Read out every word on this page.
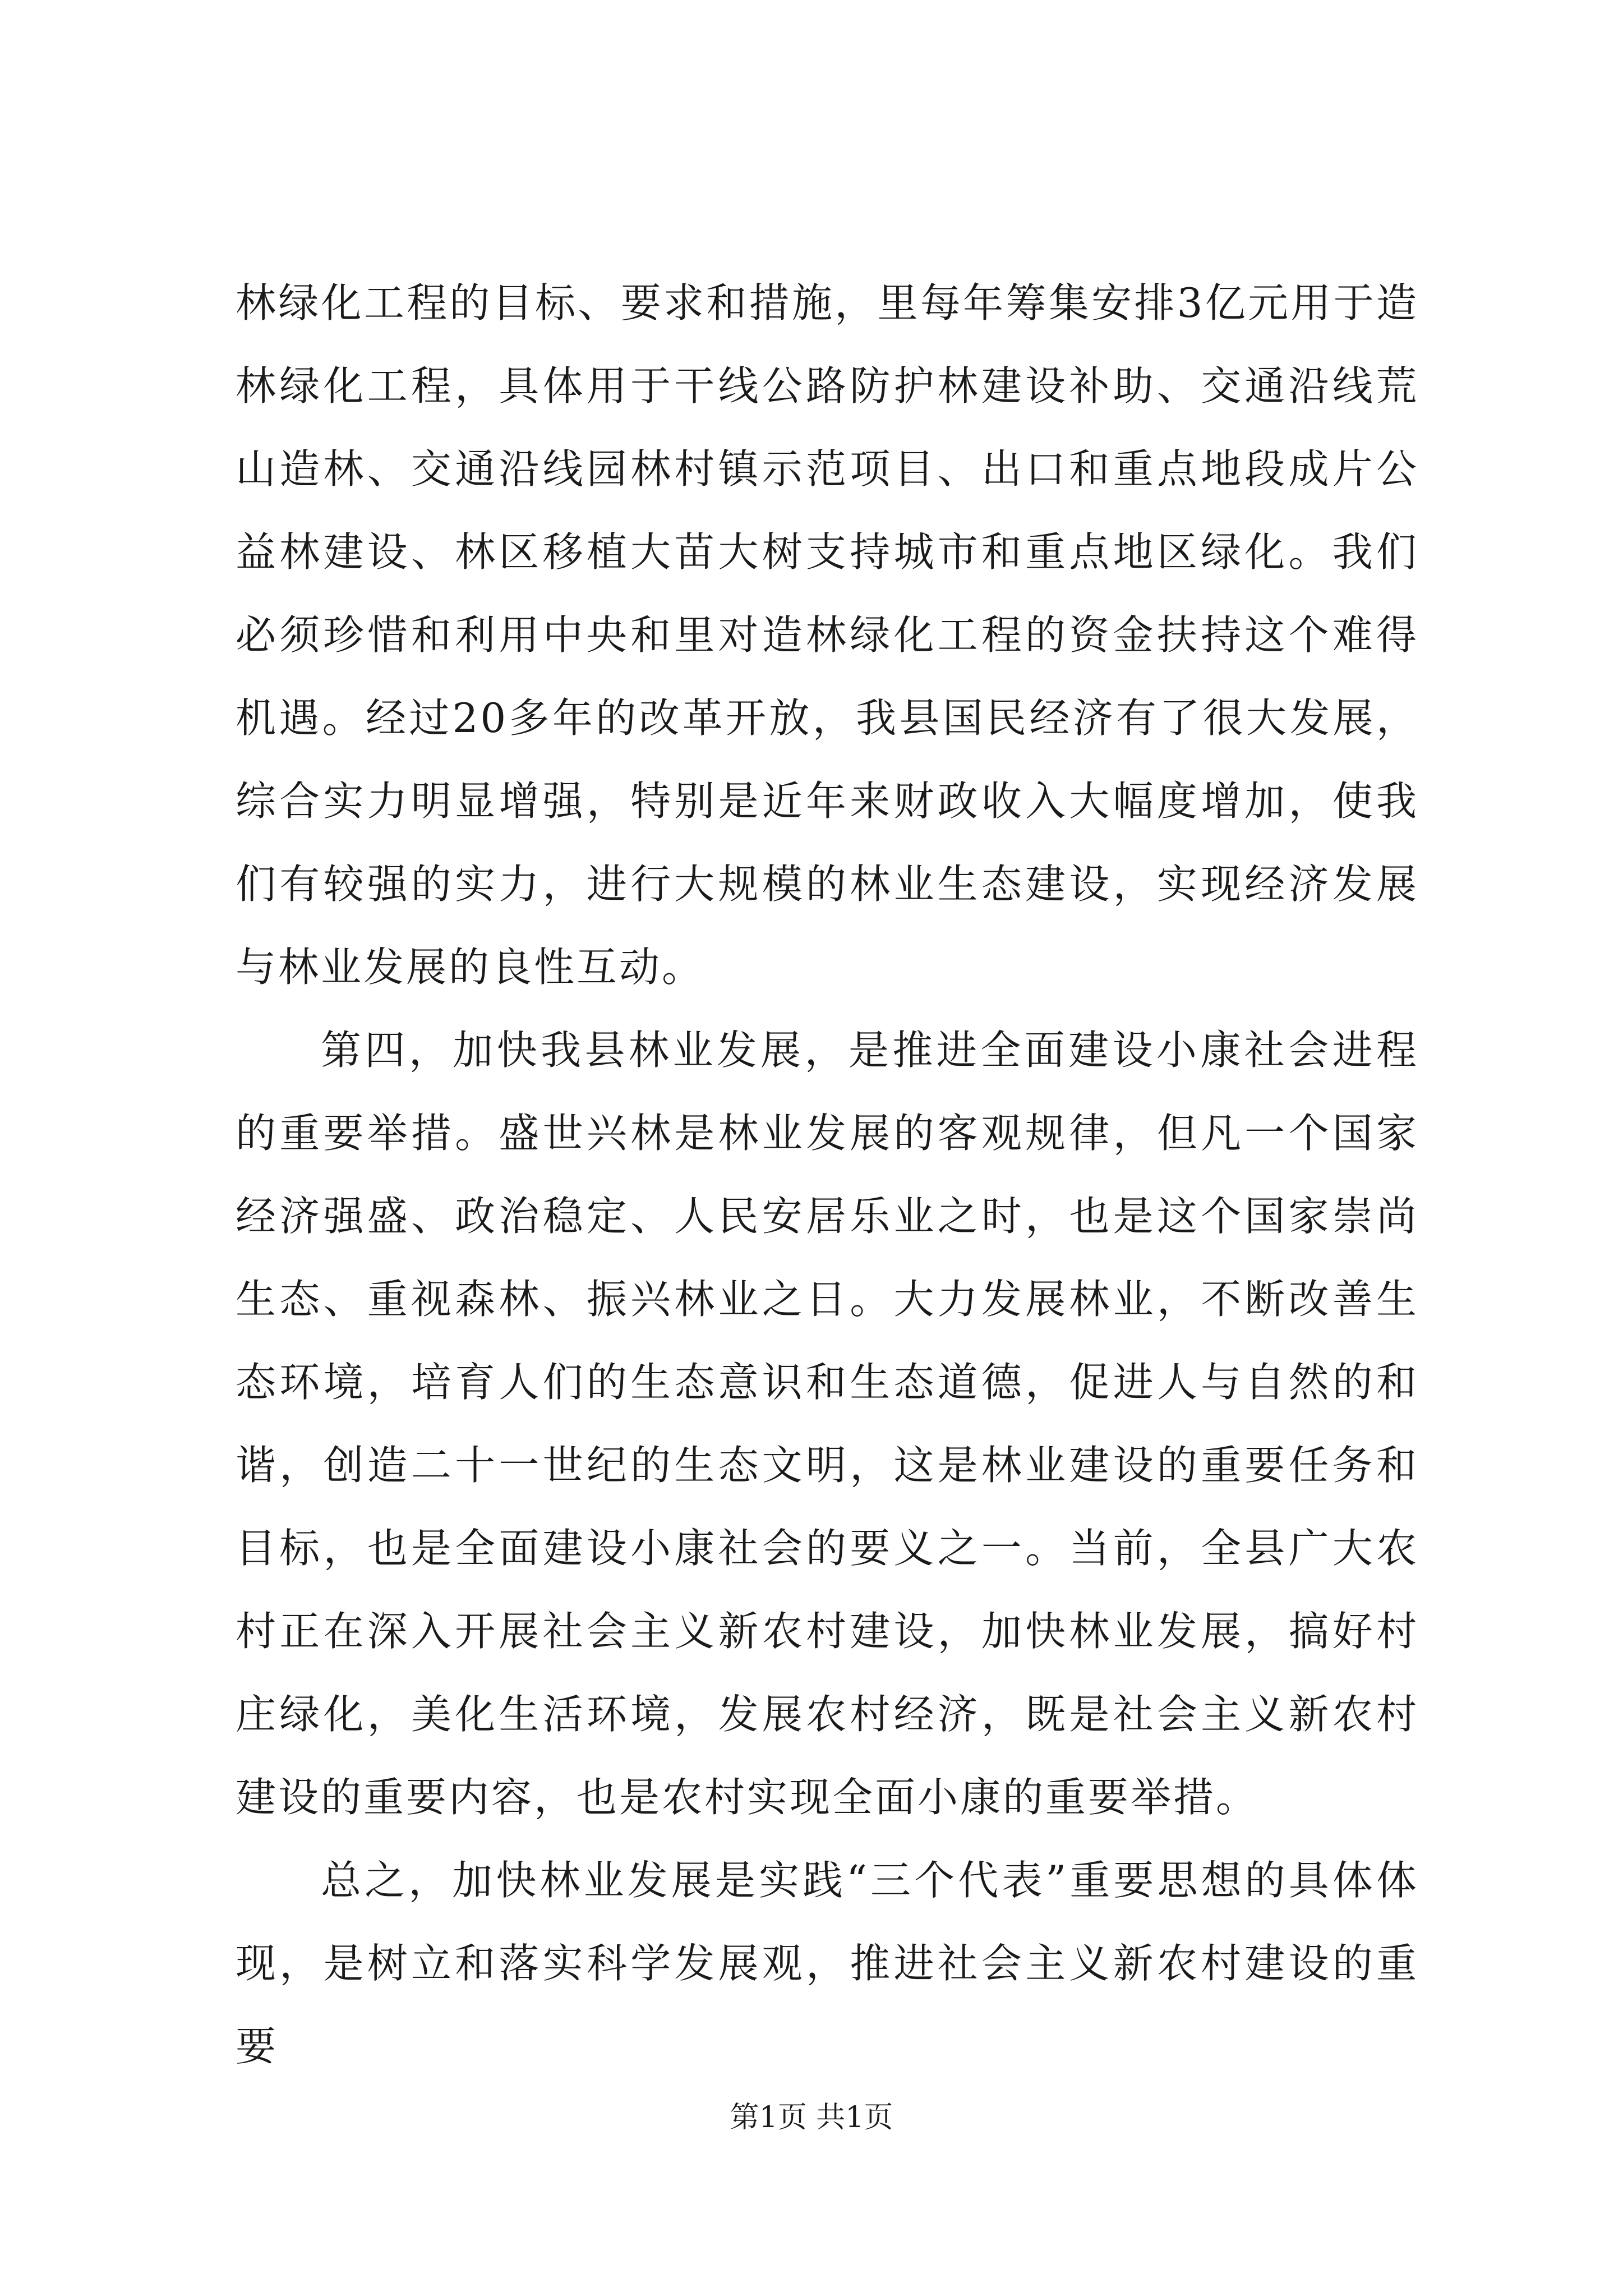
林绿化工程的目标、要求和措施，里每年筹集安排3亿元用于造林绿化工程，具体用于干线公路防护林建设补助、交通沿线荒山造林、交通沿线园林村镇示范项目、出口和重点地段成片公益林建设、林区移植大苗大树支持城市和重点地区绿化。我们必须珍惜和利用中央和里对造林绿化工程的资金扶持这个难得机遇。经过20多年的改革开放，我县国民经济有了很大发展，综合实力明显增强，特别是近年来财政收入大幅度增加，使我们有较强的实力，进行大规模的林业生态建设，实现经济发展与林业发展的良性互动。

第四，加快我县林业发展，是推进全面建设小康社会进程的重要举措。盛世兴林是林业发展的客观规律，但凡一个国家经济强盛、政治稳定、人民安居乐业之时，也是这个国家崇尚生态、重视森林、振兴林业之日。大力发展林业，不断改善生态环境，培育人们的生态意识和生态道德，促进人与自然的和谐，创造二十一世纪的生态文明，这是林业建设的重要任务和目标，也是全面建设小康社会的要义之一。当前，全县广大农村正在深入开展社会主义新农村建设，加快林业发展，搞好村庄绿化，美化生活环境，发展农村经济，既是社会主义新农村建设的重要内容，也是农村实现全面小康的重要举措。

总之，加快林业发展是实践“三个代表”重要思想的具体体现，是树立和落实科学发展观，推进社会主义新农村建设的重要

第1页 共1页
